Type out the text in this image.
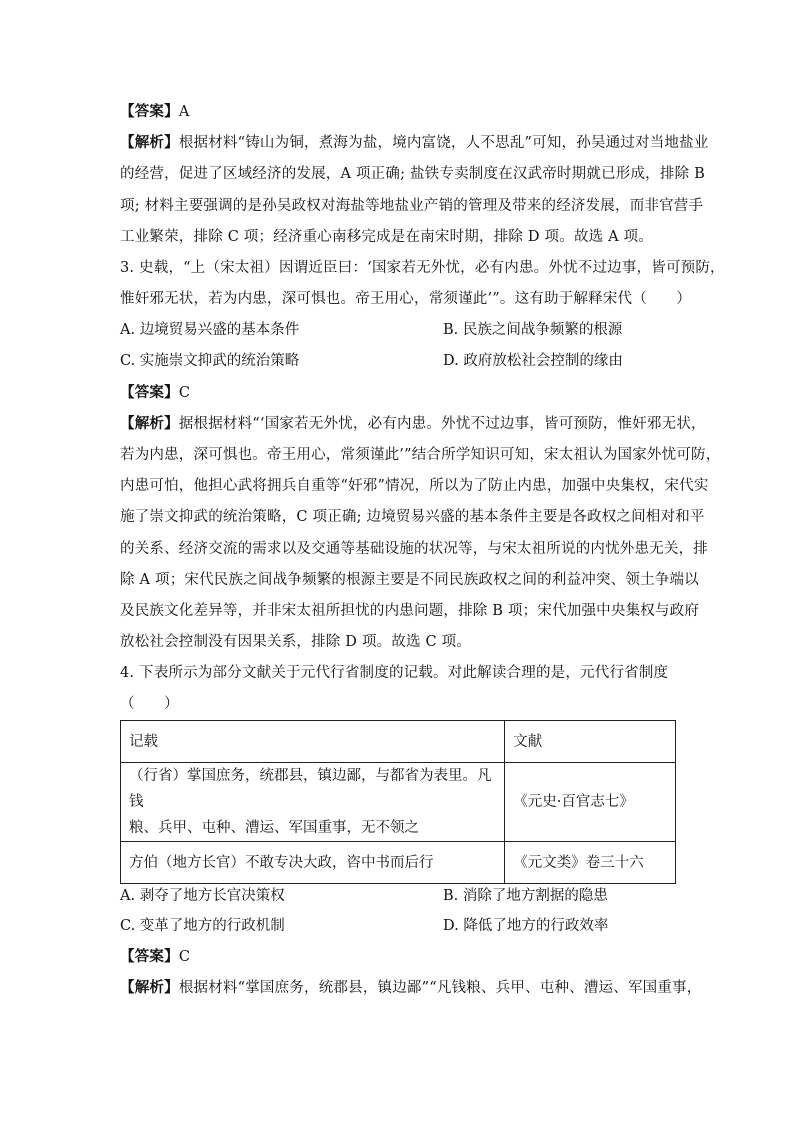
【答案】A
【解析】根据材料“铸山为铜，煮海为盐，境内富饶，人不思乱”可知，孙吴通过对当地盐业
的经营，促进了区域经济的发展，A 项正确; 盐铁专卖制度在汉武帝时期就已形成，排除 B
项; 材料主要强调的是孙吴政权对海盐等地盐业产销的管理及带来的经济发展，而非官营手
工业繁荣，排除 C 项；经济重心南移完成是在南宋时期，排除 D 项。故选 A 项。
3. 史载，“上（宋太祖）因谓近臣曰：‘国家若无外忧，必有内患。外忧不过边事，皆可预防，
惟奸邪无状，若为内患，深可惧也。帝王用心，常须谨此’”。这有助于解释宋代（　　）
A. 边境贸易兴盛的基本条件	B. 民族之间战争频繁的根源
C. 实施崇文抑武的统治策略	D. 政府放松社会控制的缘由
【答案】C
【解析】据根据材料“‘国家若无外忧，必有内患。外忧不过边事，皆可预防，惟奸邪无状，
若为内患，深可惧也。帝王用心，常须谨此’”结合所学知识可知，宋太祖认为国家外忧可防，
内患可怕，他担心武将拥兵自重等“奸邪”情况，所以为了防止内患，加强中央集权，宋代实
施了崇文抑武的统治策略，C 项正确; 边境贸易兴盛的基本条件主要是各政权之间相对和平
的关系、经济交流的需求以及交通等基础设施的状况等，与宋太祖所说的内忧外患无关，排
除 A 项；宋代民族之间战争频繁的根源主要是不同民族政权之间的利益冲突、领土争端以
及民族文化差异等，并非宋太祖所担忧的内患问题，排除 B 项；宋代加强中央集权与政府
放松社会控制没有因果关系，排除 D 项。故选 C 项。
4. 下表所示为部分文献关于元代行省制度的记载。对此解读合理的是，元代行省制度
（　　）
记载	文献

（行省）掌国庶务，统郡县，镇边鄙，与都省为表里。凡钱
粮、兵甲、屯种、漕运、军国重事，无不领之	《元史·百官志七》

方伯（地方长官）不敢专决大政，咨中书而后行	《元文类》卷三十六
A. 剥夺了地方长官决策权	B. 消除了地方割据的隐患
C. 变革了地方的行政机制	D. 降低了地方的行政效率
【答案】C
【解析】根据材料“掌国庶务，统郡县，镇边鄙”“凡钱粮、兵甲、屯种、漕运、军国重事，
